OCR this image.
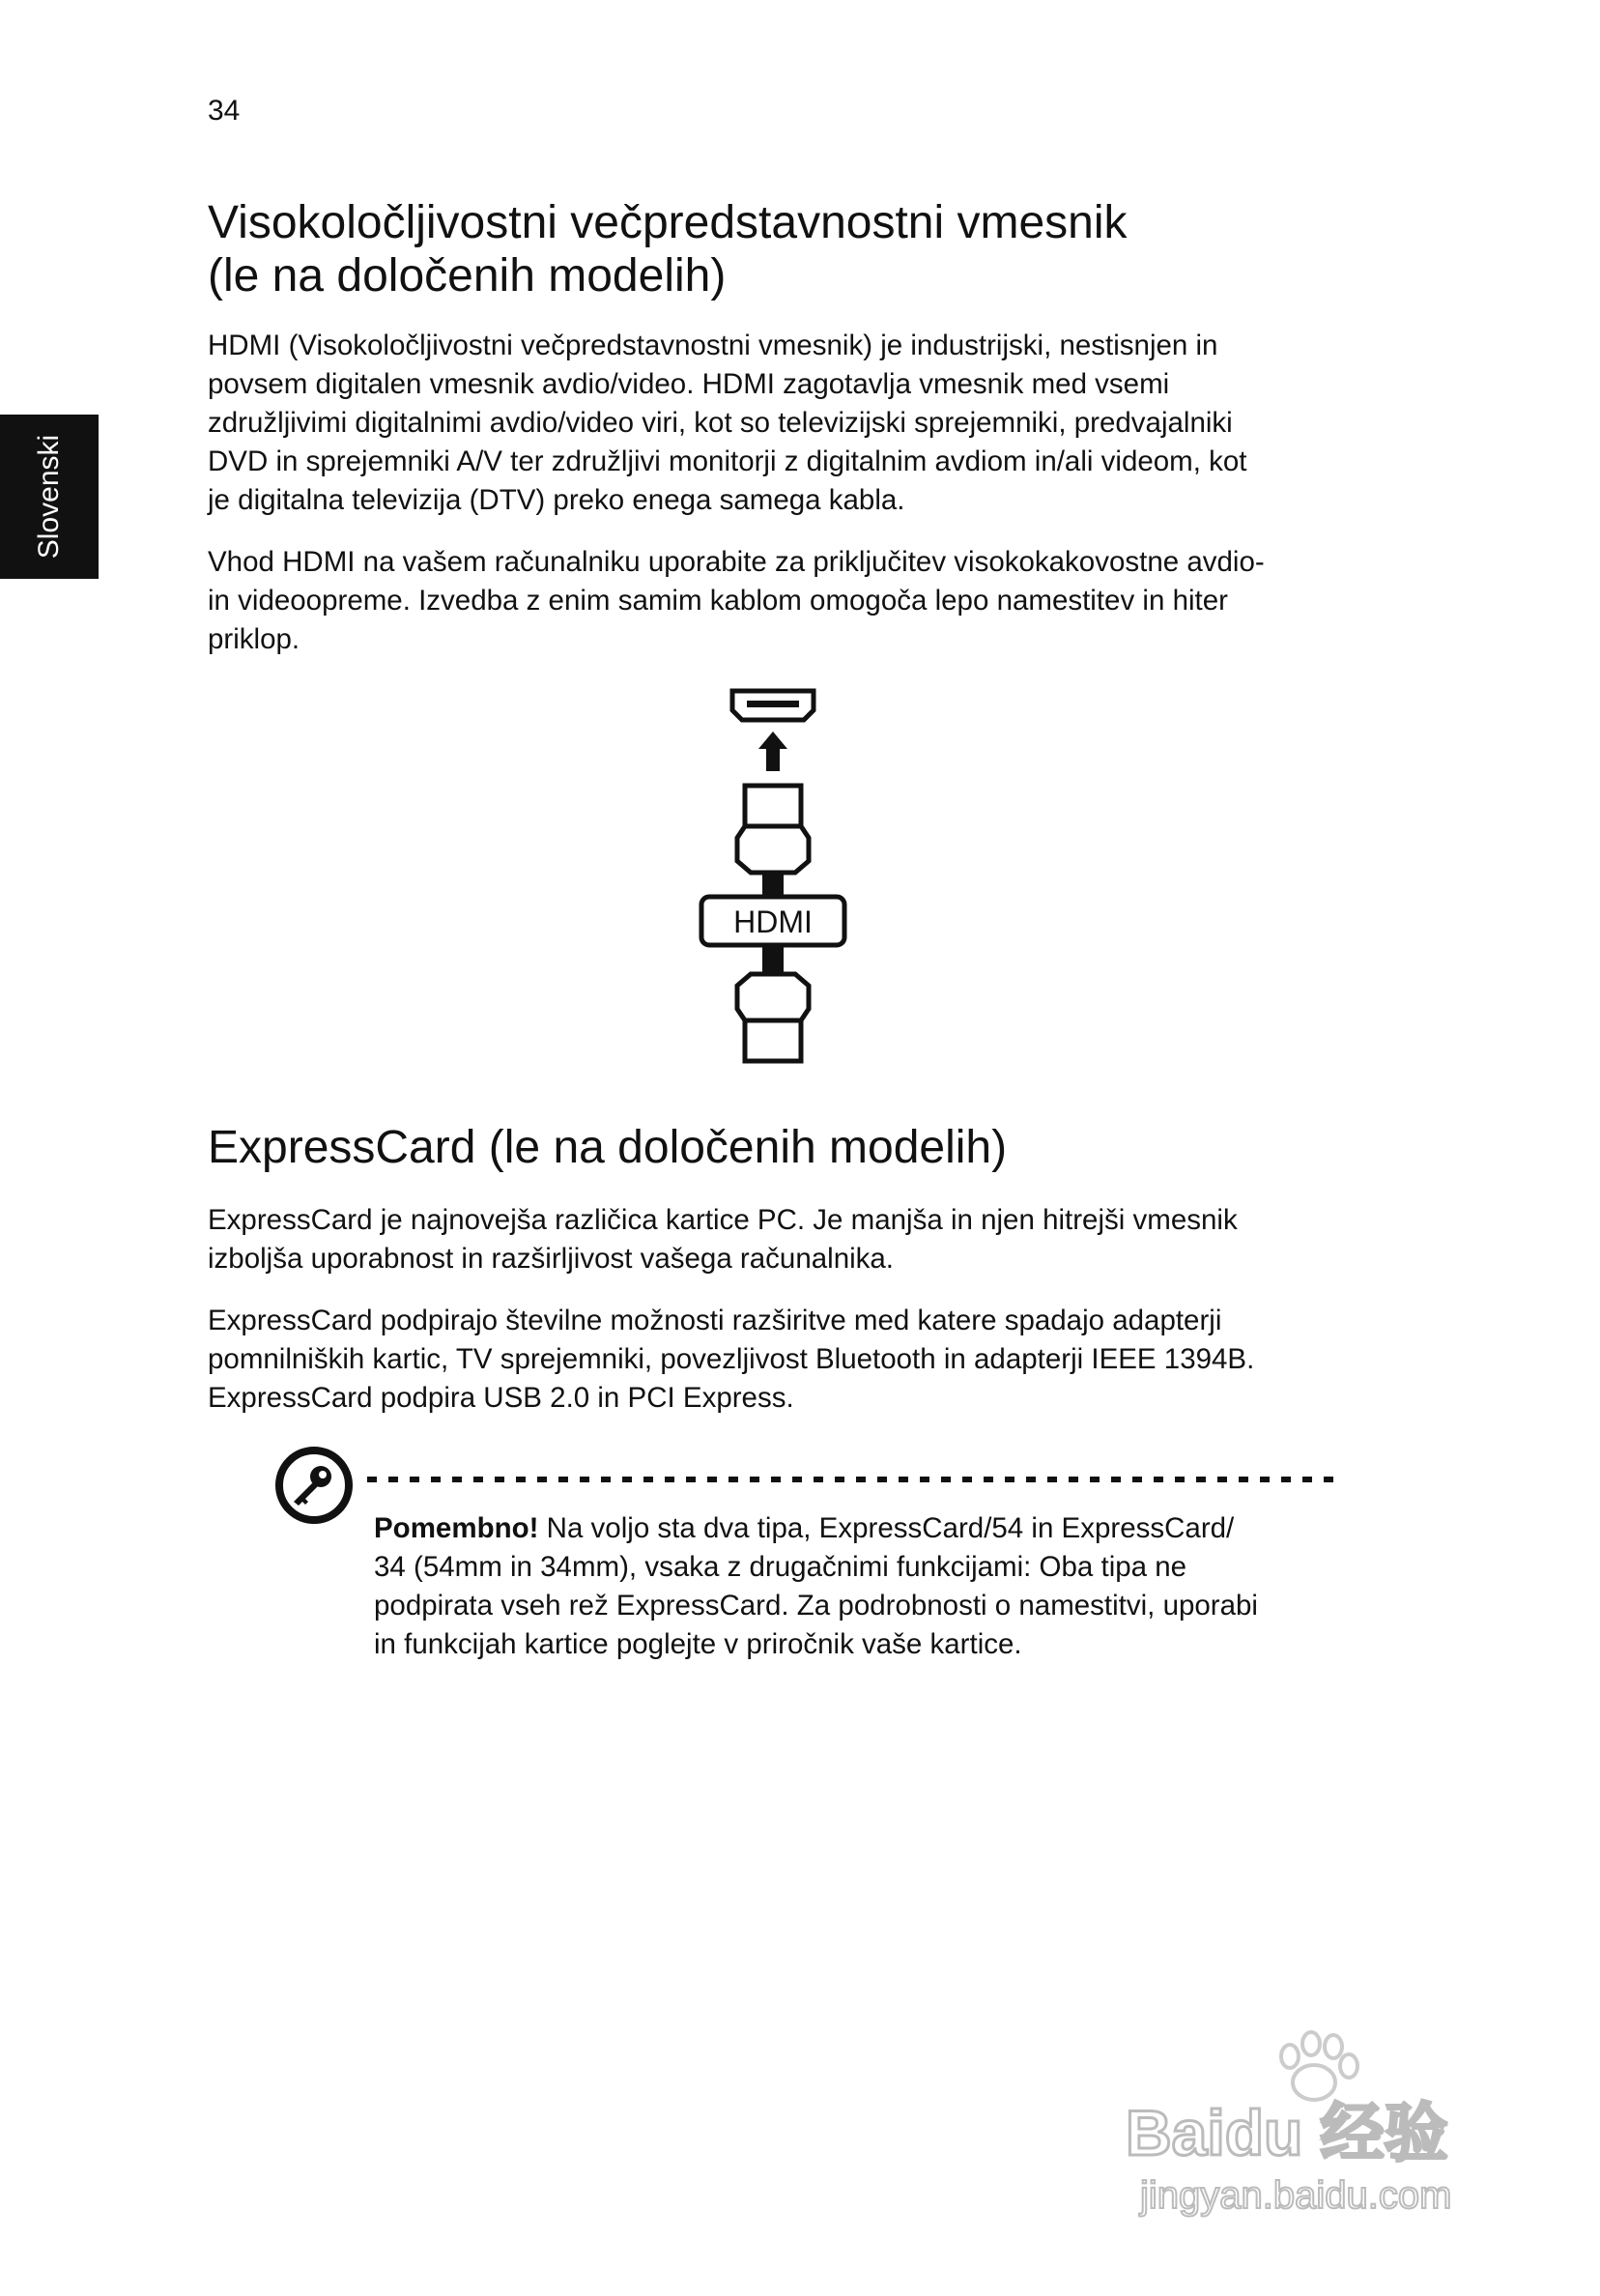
34
Slovenski
Visokoločljivostni večpredstavnostni vmesnik
(le na določenih modelih)
HDMI (Visokoločljivostni večpredstavnostni vmesnik) je industrijski, nestisnjen in
povsem digitalen vmesnik avdio/video. HDMI zagotavlja vmesnik med vsemi
združljivimi digitalnimi avdio/video viri, kot so televizijski sprejemniki, predvajalniki
DVD in sprejemniki A/V ter združljivi monitorji z digitalnim avdiom in/ali videom, kot
je digitalna televizija (DTV) preko enega samega kabla.
Vhod HDMI na vašem računalniku uporabite za priključitev visokokakovostne avdio-
in videoopreme. Izvedba z enim samim kablom omogoča lepo namestitev in hiter
priklop.
HDMI
ExpressCard (le na določenih modelih)
ExpressCard je najnovejša različica kartice PC. Je manjša in njen hitrejši vmesnik
izboljša uporabnost in razširljivost vašega računalnika.
ExpressCard podpirajo številne možnosti razširitve med katere spadajo adapterji
pomnilniških kartic, TV sprejemniki, povezljivost Bluetooth in adapterji IEEE 1394B.
ExpressCard podpira USB 2.0 in PCI Express.
Pomembno! Na voljo sta dva tipa, ExpressCard/54 in ExpressCard/
34 (54mm in 34mm), vsaka z drugačnimi funkcijami: Oba tipa ne
podpirata vseh rež ExpressCard. Za podrobnosti o namestitvi, uporabi
in funkcijah kartice poglejte v priročnik vaše kartice.
Baidu 经验
jingyan.baidu.com
